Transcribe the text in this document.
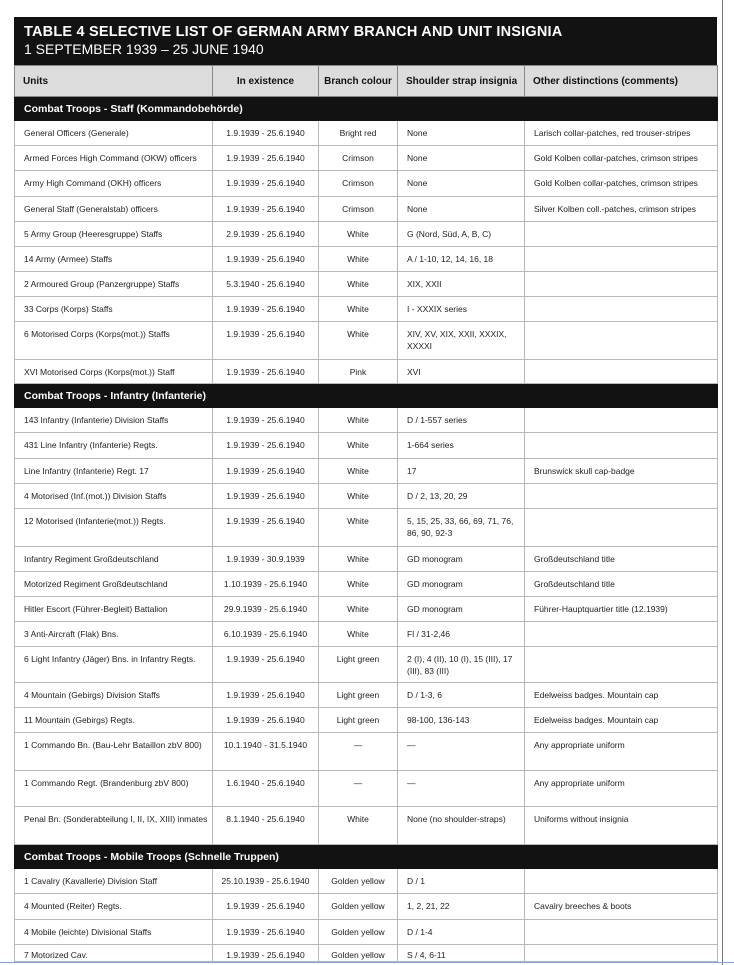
TABLE 4 SELECTIVE LIST OF GERMAN ARMY BRANCH AND UNIT INSIGNIA
1 SEPTEMBER 1939 – 25 JUNE 1940
Units	In existence	Branch colour	Shoulder strap insignia	Other distinctions (comments)
Combat Troops - Staff (Kommandobehörde)				
General Officers (Generale)	1.9.1939 - 25.6.1940	Bright red	None	Larisch collar-patches, red trouser-stripes
Armed Forces High Command (OKW) officers	1.9.1939 - 25.6.1940	Crimson	None	Gold Kolben collar-patches, crimson stripes
Army High Command (OKH) officers	1.9.1939 - 25.6.1940	Crimson	None	Gold Kolben collar-patches, crimson stripes
General Staff (Generalstab) officers	1.9.1939 - 25.6.1940	Crimson	None	Silver Kolben coll.-patches, crimson stripes
5 Army Group (Heeresgruppe) Staffs	2.9.1939 - 25.6.1940	White	G (Nord, Süd, A, B, C)	
14 Army (Armee) Staffs	1.9.1939 - 25.6.1940	White	A / 1-10, 12, 14, 16, 18	
2 Armoured Group (Panzergruppe) Staffs	5.3.1940 - 25.6.1940	White	XIX, XXII	
33 Corps (Korps) Staffs	1.9.1939 - 25.6.1940	White	I - XXXIX series	
6 Motorised Corps (Korps(mot.)) Staffs	1.9.1939 - 25.6.1940	White	XIV, XV, XIX, XXII, XXXIX, XXXXI	
XVI Motorised Corps (Korps(mot.)) Staff	1.9.1939 - 25.6.1940	Pink	XVI	
Combat Troops - Infantry (Infanterie)				
143 Infantry (Infanterie) Division Staffs	1.9.1939 - 25.6.1940	White	D / 1-557 series	
431 Line Infantry (Infanterie) Regts.	1.9.1939 - 25.6.1940	White	1-664 series	
Line Infantry (Infanterie) Regt. 17	1.9.1939 - 25.6.1940	White	17	Brunswick skull cap-badge
4 Motorised (Inf.(mot.)) Division Staffs	1.9.1939 - 25.6.1940	White	D / 2, 13, 20, 29	
12 Motorised (Infanterie(mot.)) Regts.	1.9.1939 - 25.6.1940	White	5, 15, 25, 33, 66, 69, 71, 76, 86, 90, 92-3	
Infantry Regiment Großdeutschland	1.9.1939 - 30.9.1939	White	GD monogram	Großdeutschland title
Motorized Regiment Großdeutschland	1.10.1939 - 25.6.1940	White	GD monogram	Großdeutschland title
Hitler Escort (Führer-Begleit) Battalion	29.9.1939 - 25.6.1940	White	GD monogram	Führer-Hauptquartier title (12.1939)
3 Anti-Aircraft (Flak) Bns.	6.10.1939 - 25.6.1940	White	Fl / 31-2,46	
6 Light Infantry (Jäger) Bns. in Infantry Regts.	1.9.1939 - 25.6.1940	Light green	2 (I), 4 (II), 10 (I), 15 (III), 17 (III), 83 (III)	
4 Mountain (Gebirgs) Division Staffs	1.9.1939 - 25.6.1940	Light green	D / 1-3, 6	Edelweiss badges. Mountain cap
11 Mountain (Gebirgs) Regts.	1.9.1939 - 25.6.1940	Light green	98-100, 136-143	Edelweiss badges. Mountain cap
1 Commando Bn. (Bau-Lehr Bataillon zbV 800)	10.1.1940 - 31.5.1940	—	—	Any appropriate uniform
1 Commando Regt. (Brandenburg zbV 800)	1.6.1940 - 25.6.1940	—	—	Any appropriate uniform
Penal Bn. (Sonderabteilung I, II, IX, XIII) inmates	8.1.1940 - 25.6.1940	White	None (no shoulder-straps)	Uniforms without insignia
Combat Troops - Mobile Troops (Schnelle Truppen)				
1 Cavalry (Kavallerie) Division Staff	25.10.1939 - 25.6.1940	Golden yellow	D / 1	
4 Mounted (Reiter) Regts.	1.9.1939 - 25.6.1940	Golden yellow	1, 2, 21, 22	Cavalry breeches & boots
4 Mobile (leichte) Divisional Staffs	1.9.1939 - 25.6.1940	Golden yellow	D / 1-4	
7 Motorized Cav.	1.9.1939 - 25.6.1940	Golden yellow	S / 4, 6-11	
